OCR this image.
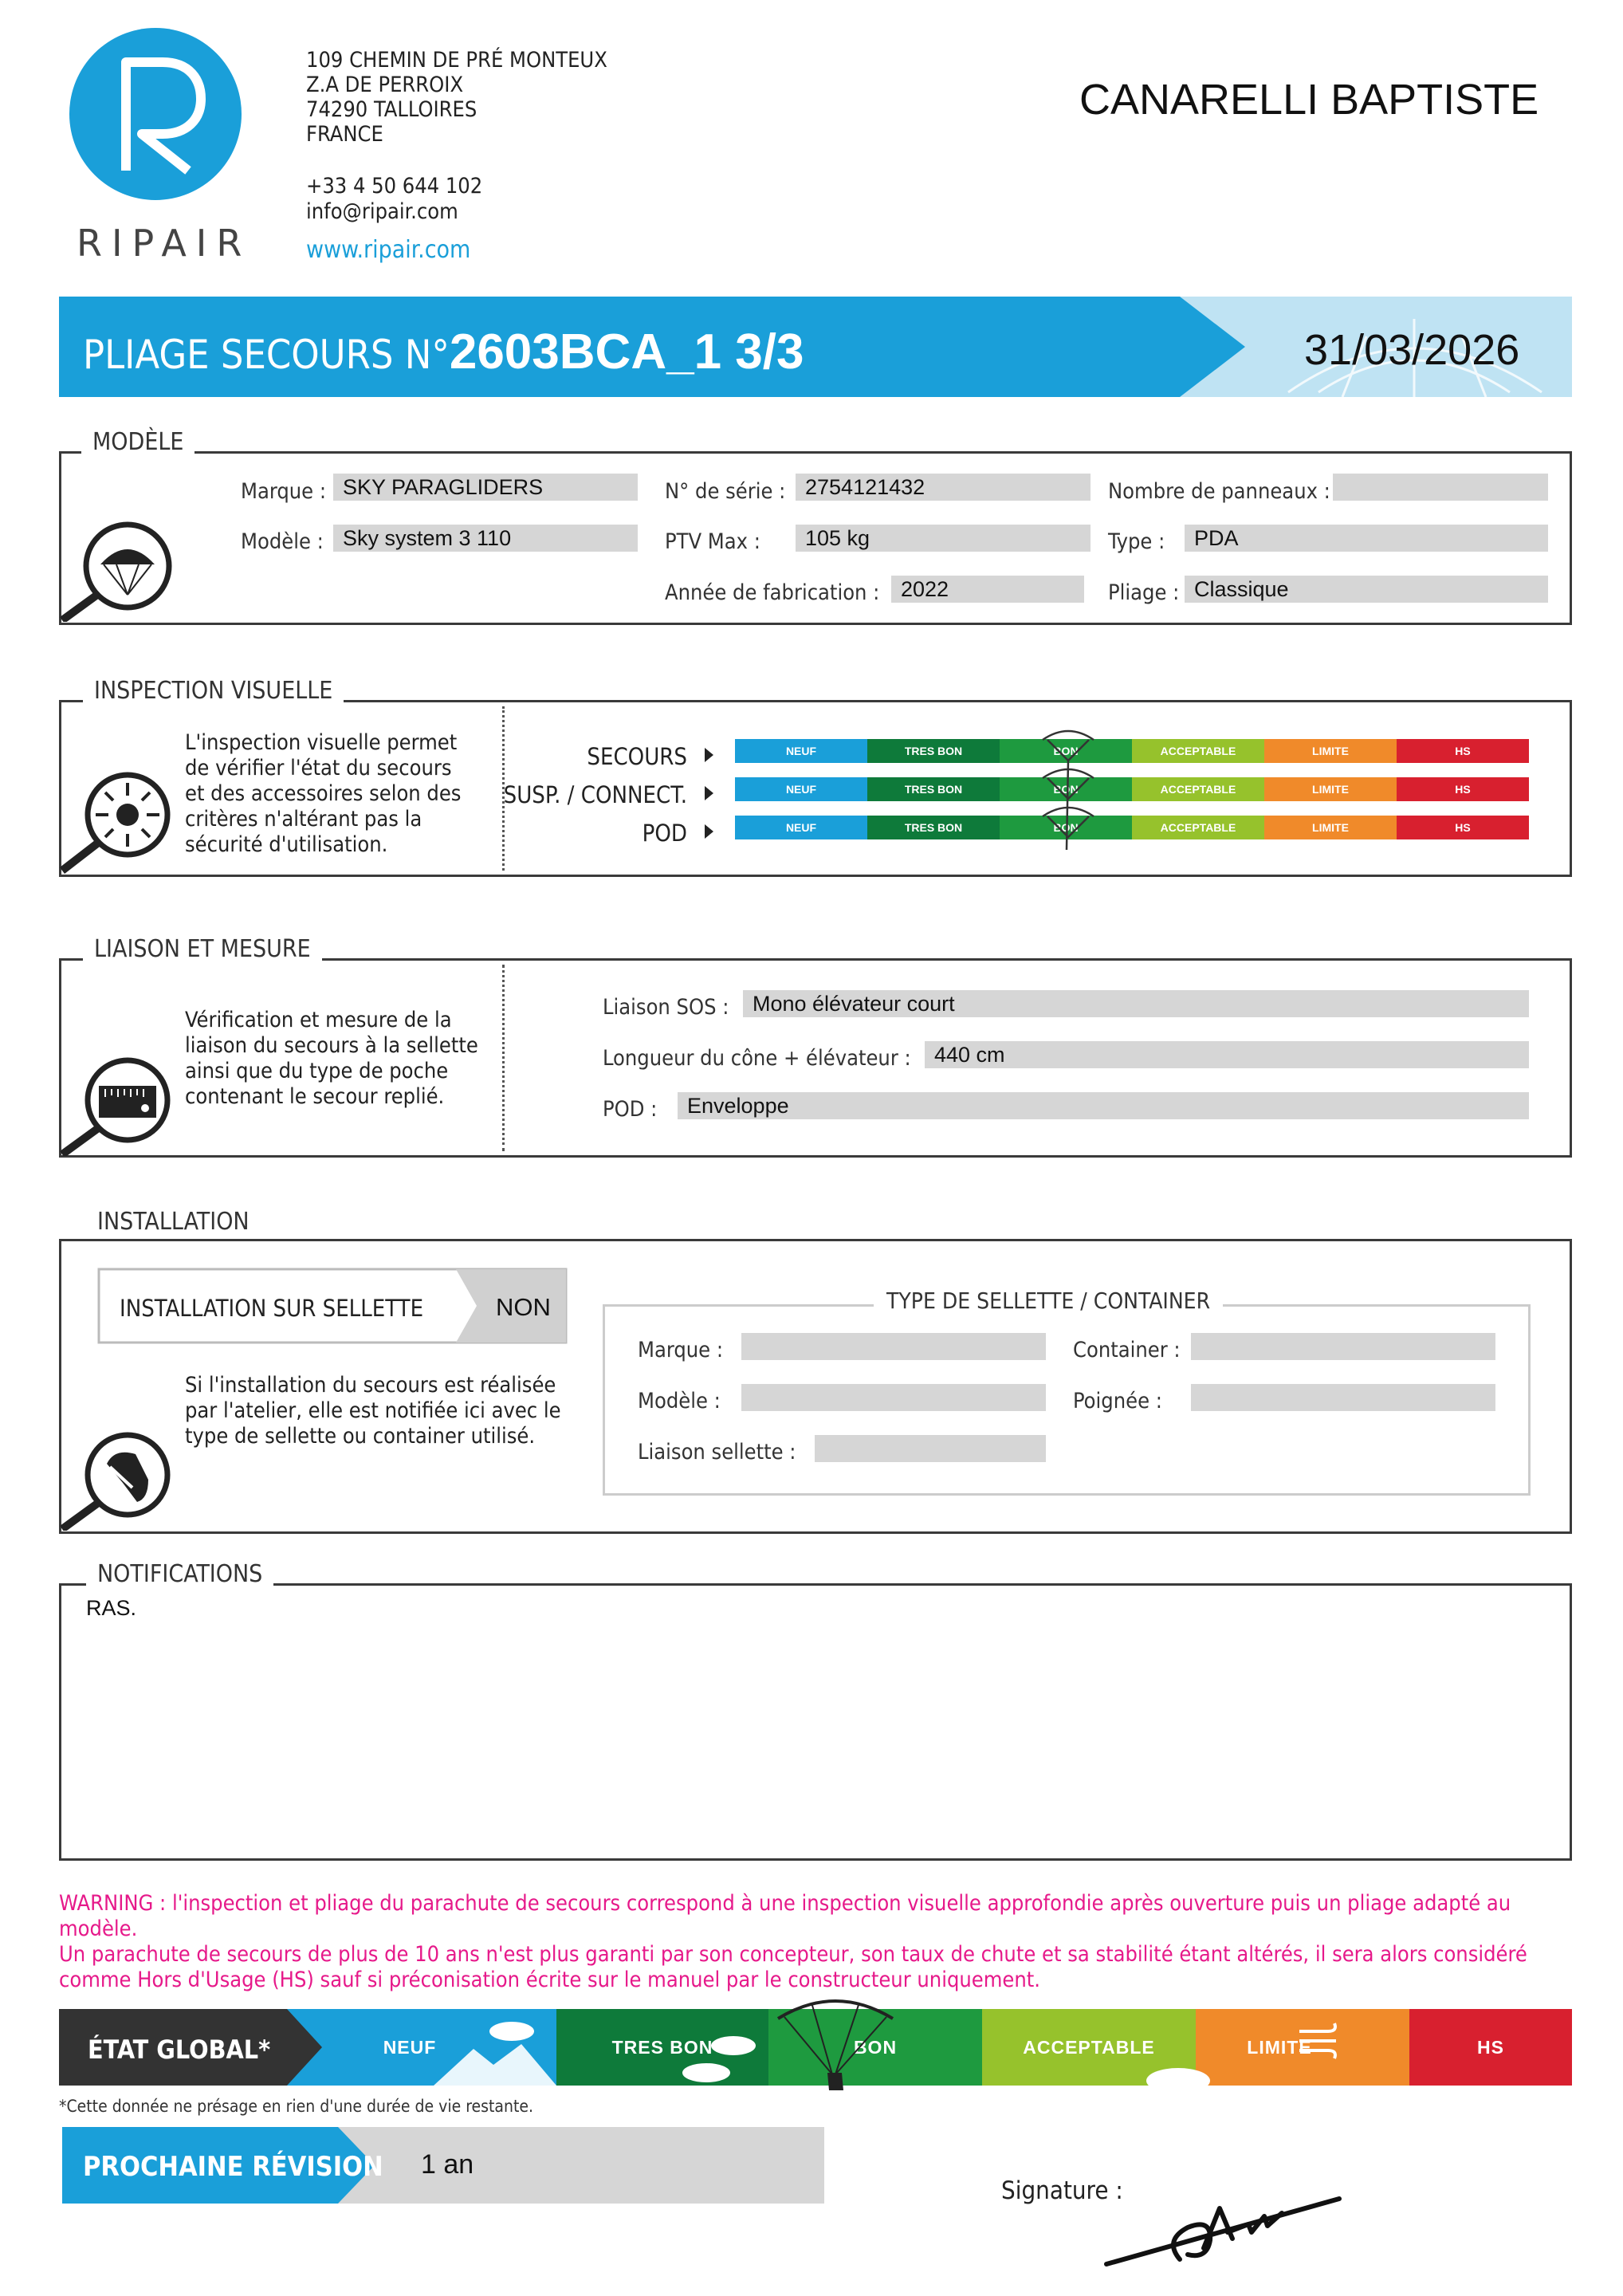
RIPAIR
109 CHEMIN DE PRÉ MONTEUX
Z.A DE PERROIX
74290 TALLOIRES
FRANCE
+33 4 50 644 102
info@ripair.com
www.ripair.com
CANARELLI BAPTISTE
PLIAGE SECOURS N°2603BCA_1 3/3	31/03/2026
MODÈLE
Marque : SKY PARAGLIDERS	N° de série : 2754121432	Nombre de panneaux :
Modèle : Sky system 3 110	PTV Max :	105 kg	Type :	PDA
Année de fabrication : 2022	Pliage : Classique
INSPECTION VISUELLE
L'inspection visuelle permet
de vérifier l'état du secours
et des accessoires selon des
critères n'altérant pas la
sécurité d'utilisation.
SECOURS
SUSP. / CONNECT.
POD
NEUF	TRES BON	BON	ACCEPTABLE	LIMITE	HS
NEUF	TRES BON	BON	ACCEPTABLE	LIMITE	HS
NEUF	TRES BON	BON	ACCEPTABLE	LIMITE	HS
LIAISON ET MESURE
Vérification et mesure de la
liaison du secours à la sellette
ainsi que du type de poche
contenant le secour replié.
Liaison SOS :	Mono élévateur court
Longueur du cône + élévateur :	440 cm
POD :	Enveloppe
INSTALLATION
INSTALLATION SUR SELLETTE	NON
Si l'installation du secours est réalisée
par l'atelier, elle est notifiée ici avec le
type de sellette ou container utilisé.
TYPE DE SELLETTE / CONTAINER
Marque :	Container :
Modèle :	Poignée :
Liaison sellette :
NOTIFICATIONS
RAS.
WARNING : l'inspection et pliage du parachute de secours correspond à une inspection visuelle approfondie après ouverture puis un pliage adapté au modèle.
Un parachute de secours de plus de 10 ans n'est plus garanti par son concepteur, son taux de chute et sa stabilité étant altérés, il sera alors considéré
comme Hors d'Usage (HS) sauf si préconisation écrite sur le manuel par le constructeur uniquement.
ÉTAT GLOBAL*	NEUF	TRES BON	BON	ACCEPTABLE	LIMITE	HS
*Cette donnée ne présage en rien d'une durée de vie restante.
PROCHAINE RÉVISION 1 an
Signature :
